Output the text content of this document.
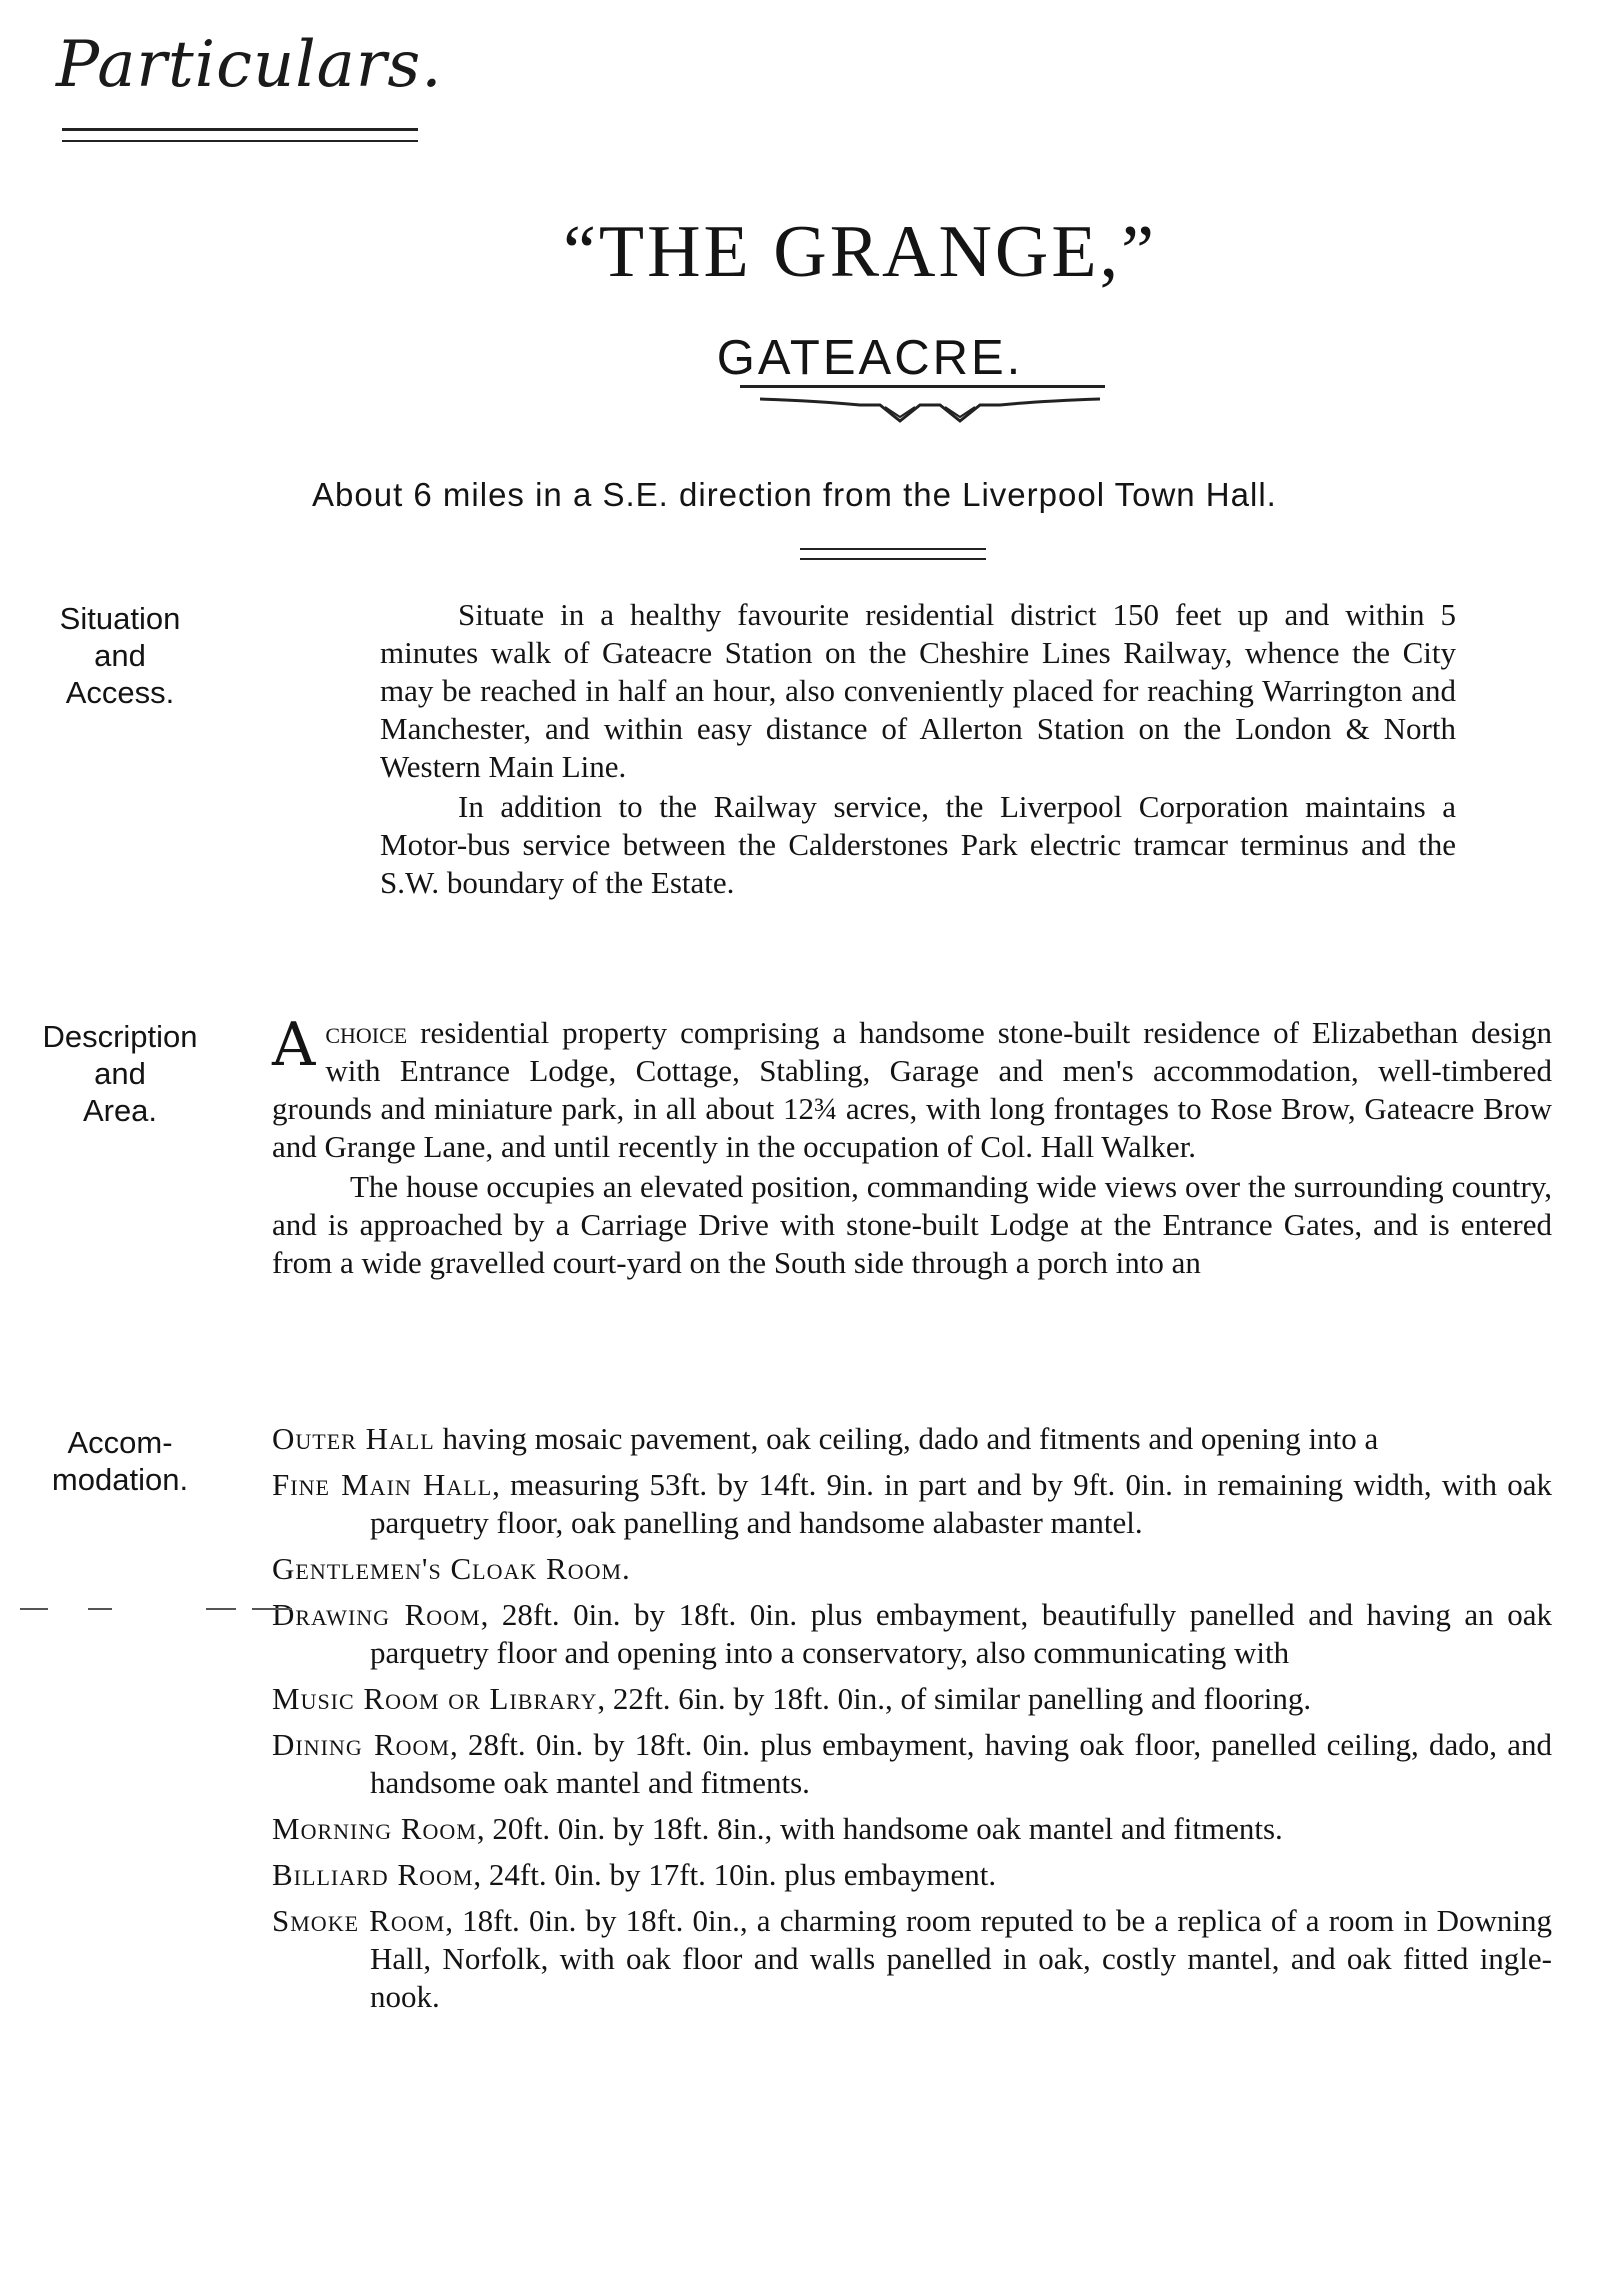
Particulars.
“THE GRANGE,”
GATEACRE.
About 6 miles in a S.E. direction from the Liverpool Town Hall.
Situation
and
Access.

Situate in a healthy favourite residential district 150 feet up and within 5 minutes walk of Gateacre Station on the Cheshire Lines Railway, whence the City may be reached in half an hour, also conveniently placed for reaching Warrington and Manchester, and within easy distance of Allerton Station on the London & North Western Main Line.

In addition to the Railway service, the Liverpool Corporation maintains a Motor-bus service between the Calderstones Park electric tramcar terminus and the S.W. boundary of the Estate.

Description
and
Area.

Achoice residential property comprising a handsome stone-built residence of Elizabethan design with Entrance Lodge, Cottage, Stabling, Garage and men's accommodation, well-timbered grounds and miniature park, in all about 12¾ acres, with long frontages to Rose Brow, Gateacre Brow and Grange Lane, and until recently in the occupation of Col. Hall Walker.

The house occupies an elevated position, commanding wide views over the surrounding country, and is approached by a Carriage Drive with stone-built Lodge at the Entrance Gates, and is entered from a wide gravelled court-yard on the South side through a porch into an

Accom-
modation.

Outer Hall having mosaic pavement, oak ceiling, dado and fitments and opening into a

Fine Main Hall, measuring 53ft. by 14ft. 9in. in part and by 9ft. 0in. in remaining width, with oak parquetry floor, oak panelling and handsome alabaster mantel.

Gentlemen's Cloak Room.

Drawing Room, 28ft. 0in. by 18ft. 0in. plus embayment, beautifully panelled and having an oak parquetry floor and opening into a conservatory, also communicating with

Music Room or Library, 22ft. 6in. by 18ft. 0in., of similar panelling and flooring.

Dining Room, 28ft. 0in. by 18ft. 0in. plus embayment, having oak floor, panelled ceiling, dado, and handsome oak mantel and fitments.

Morning Room, 20ft. 0in. by 18ft. 8in., with handsome oak mantel and fitments.

Billiard Room, 24ft. 0in. by 17ft. 10in. plus embayment.

Smoke Room, 18ft. 0in. by 18ft. 0in., a charming room reputed to be a replica of a room in Downing Hall, Norfolk, with oak floor and walls panelled in oak, costly mantel, and oak fitted ingle-nook.
